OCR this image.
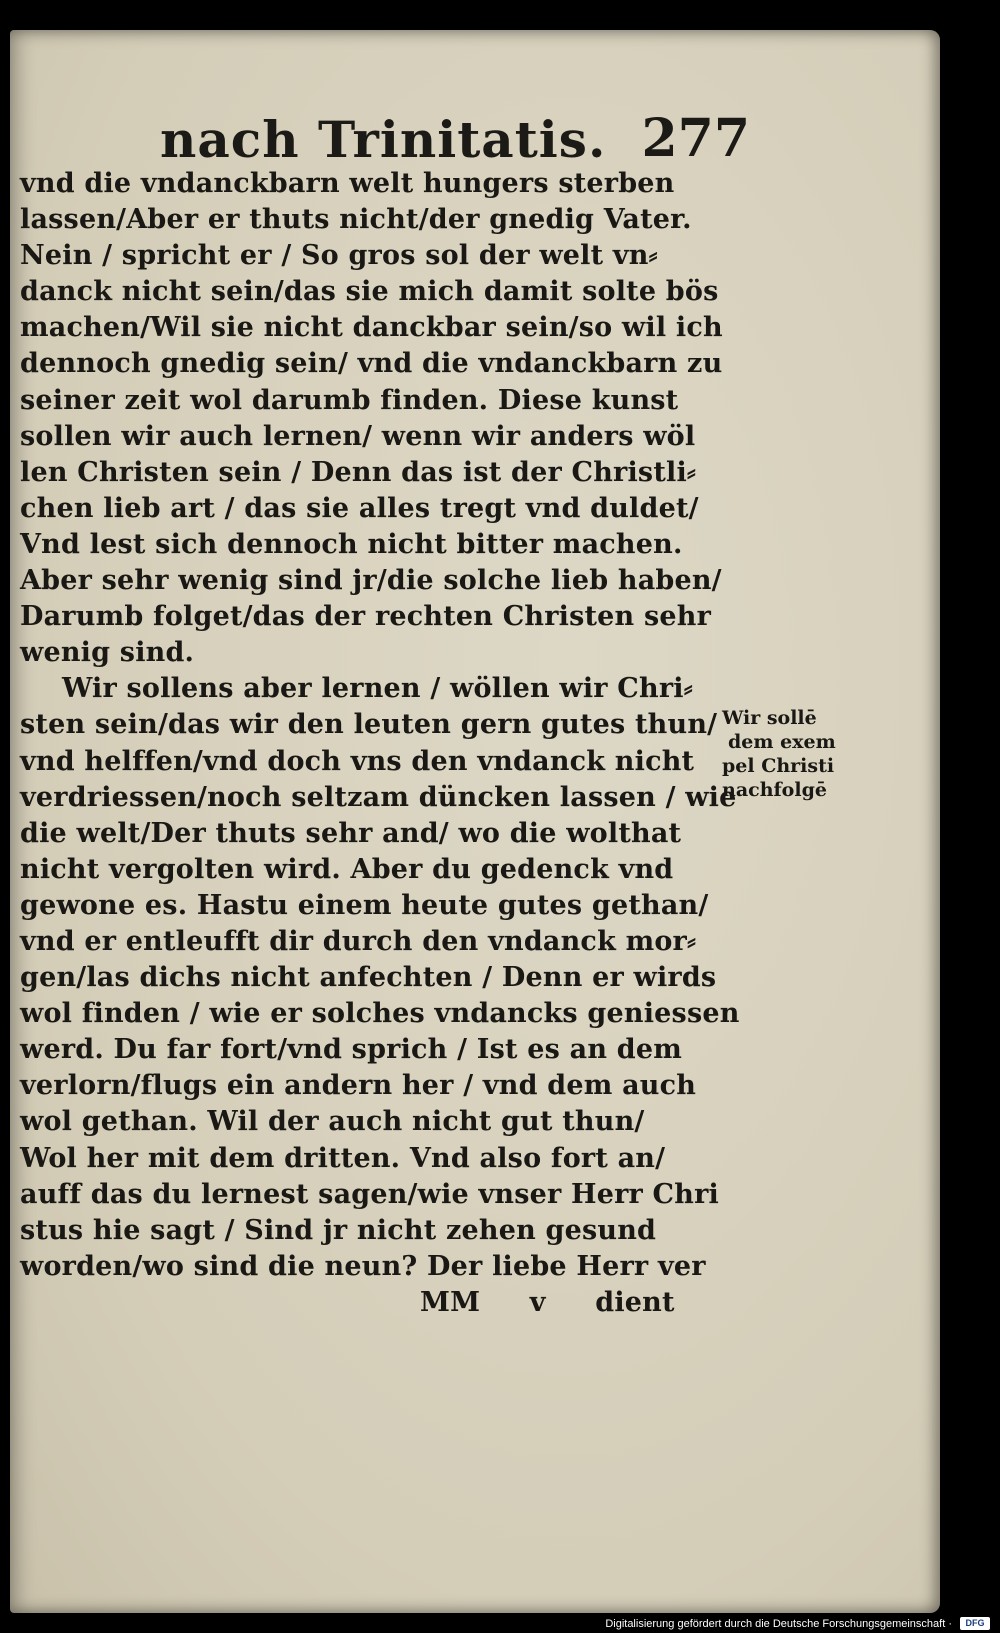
nach Trinitatis. 277
vnd die vndanckbarn welt hungers sterben
lassen/Aber er thuts nicht/der gnedig Vater.
Nein / spricht er / So gros sol der welt vn⸗
danck nicht sein/das sie mich damit solte bös
machen/Wil sie nicht danckbar sein/so wil ich
dennoch gnedig sein/ vnd die vndanckbarn zu
seiner zeit wol darumb finden. Diese kunst
sollen wir auch lernen/ wenn wir anders wöl
len Christen sein / Denn das ist der Christli⸗
chen lieb art / das sie alles tregt vnd duldet/
Vnd lest sich dennoch nicht bitter machen.
Aber sehr wenig sind jr/die solche lieb haben/
Darumb folget/das der rechten Christen sehr
wenig sind.
Wir sollens aber lernen / wöllen wir Chri⸗
sten sein/das wir den leuten gern gutes thun/
vnd helffen/vnd doch vns den vndanck nicht
verdriessen/noch seltzam düncken lassen / wie
die welt/Der thuts sehr and/ wo die wolthat
nicht vergolten wird. Aber du gedenck vnd
gewone es. Hastu einem heute gutes gethan/
vnd er entleufft dir durch den vndanck mor⸗
gen/las dichs nicht anfechten / Denn er wirds
wol finden / wie er solches vndancks geniessen
werd. Du far fort/vnd sprich / Ist es an dem
verlorn/flugs ein andern her / vnd dem auch
wol gethan. Wil der auch nicht gut thun/
Wol her mit dem dritten. Vnd also fort an/
auff das du lernest sagen/wie vnser Herr Chri
stus hie sagt / Sind jr nicht zehen gesund
worden/wo sind die neun? Der liebe Herr ver
MM v dient
Wir sollē
dem exem
pel Christi
nachfolgē
Digitalisierung gefördert durch die Deutsche Forschungsgemeinschaft ·	DFG
